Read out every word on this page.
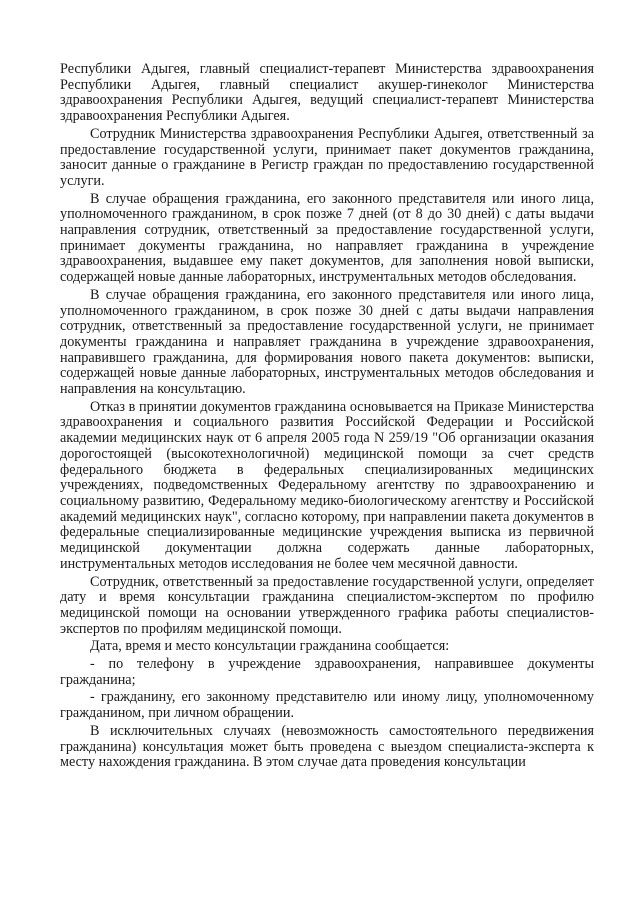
Республики Адыгея, главный специалист-терапевт Министерства здравоохранения Республики Адыгея, главный специалист акушер-гинеколог Министерства здравоохранения Республики Адыгея, ведущий специалист-терапевт Министерства здравоохранения Республики Адыгея.

Сотрудник Министерства здравоохранения Республики Адыгея, ответственный за предоставление государственной услуги, принимает пакет документов гражданина, заносит данные о гражданине в Регистр граждан по предоставлению государственной услуги.

В случае обращения гражданина, его законного представителя или иного лица, уполномоченного гражданином, в срок позже 7 дней (от 8 до 30 дней) с даты выдачи направления сотрудник, ответственный за предоставление государственной услуги, принимает документы гражданина, но направляет гражданина в учреждение здравоохранения, выдавшее ему пакет документов, для заполнения новой выписки, содержащей новые данные лабораторных, инструментальных методов обследования.

В случае обращения гражданина, его законного представителя или иного лица, уполномоченного гражданином, в срок позже 30 дней с даты выдачи направления сотрудник, ответственный за предоставление государственной услуги, не принимает документы гражданина и направляет гражданина в учреждение здравоохранения, направившего гражданина, для формирования нового пакета документов: выписки, содержащей новые данные лабораторных, инструментальных методов обследования и направления на консультацию.

Отказ в принятии документов гражданина основывается на Приказе Министерства здравоохранения и социального развития Российской Федерации и Российской академии медицинских наук от 6 апреля 2005 года N 259/19 "Об организации оказания дорогостоящей (высокотехнологичной) медицинской помощи за счет средств федерального бюджета в федеральных специализированных медицинских учреждениях, подведомственных Федеральному агентству по здравоохранению и социальному развитию, Федеральному медико-биологическому агентству и Российской академий медицинских наук", согласно которому, при направлении пакета документов в федеральные специализированные медицинские учреждения выписка из первичной медицинской документации должна содержать данные лабораторных, инструментальных методов исследования не более чем месячной давности.

Сотрудник, ответственный за предоставление государственной услуги, определяет дату и время консультации гражданина специалистом-экспертом по профилю медицинской помощи на основании утвержденного графика работы специалистов-экспертов по профилям медицинской помощи.

Дата, время и место консультации гражданина сообщается:

- по телефону в учреждение здравоохранения, направившее документы гражданина;

- гражданину, его законному представителю или иному лицу, уполномоченному гражданином, при личном обращении.

В исключительных случаях (невозможность самостоятельного передвижения гражданина) консультация может быть проведена с выездом специалиста-эксперта к месту нахождения гражданина. В этом случае дата проведения консультации
